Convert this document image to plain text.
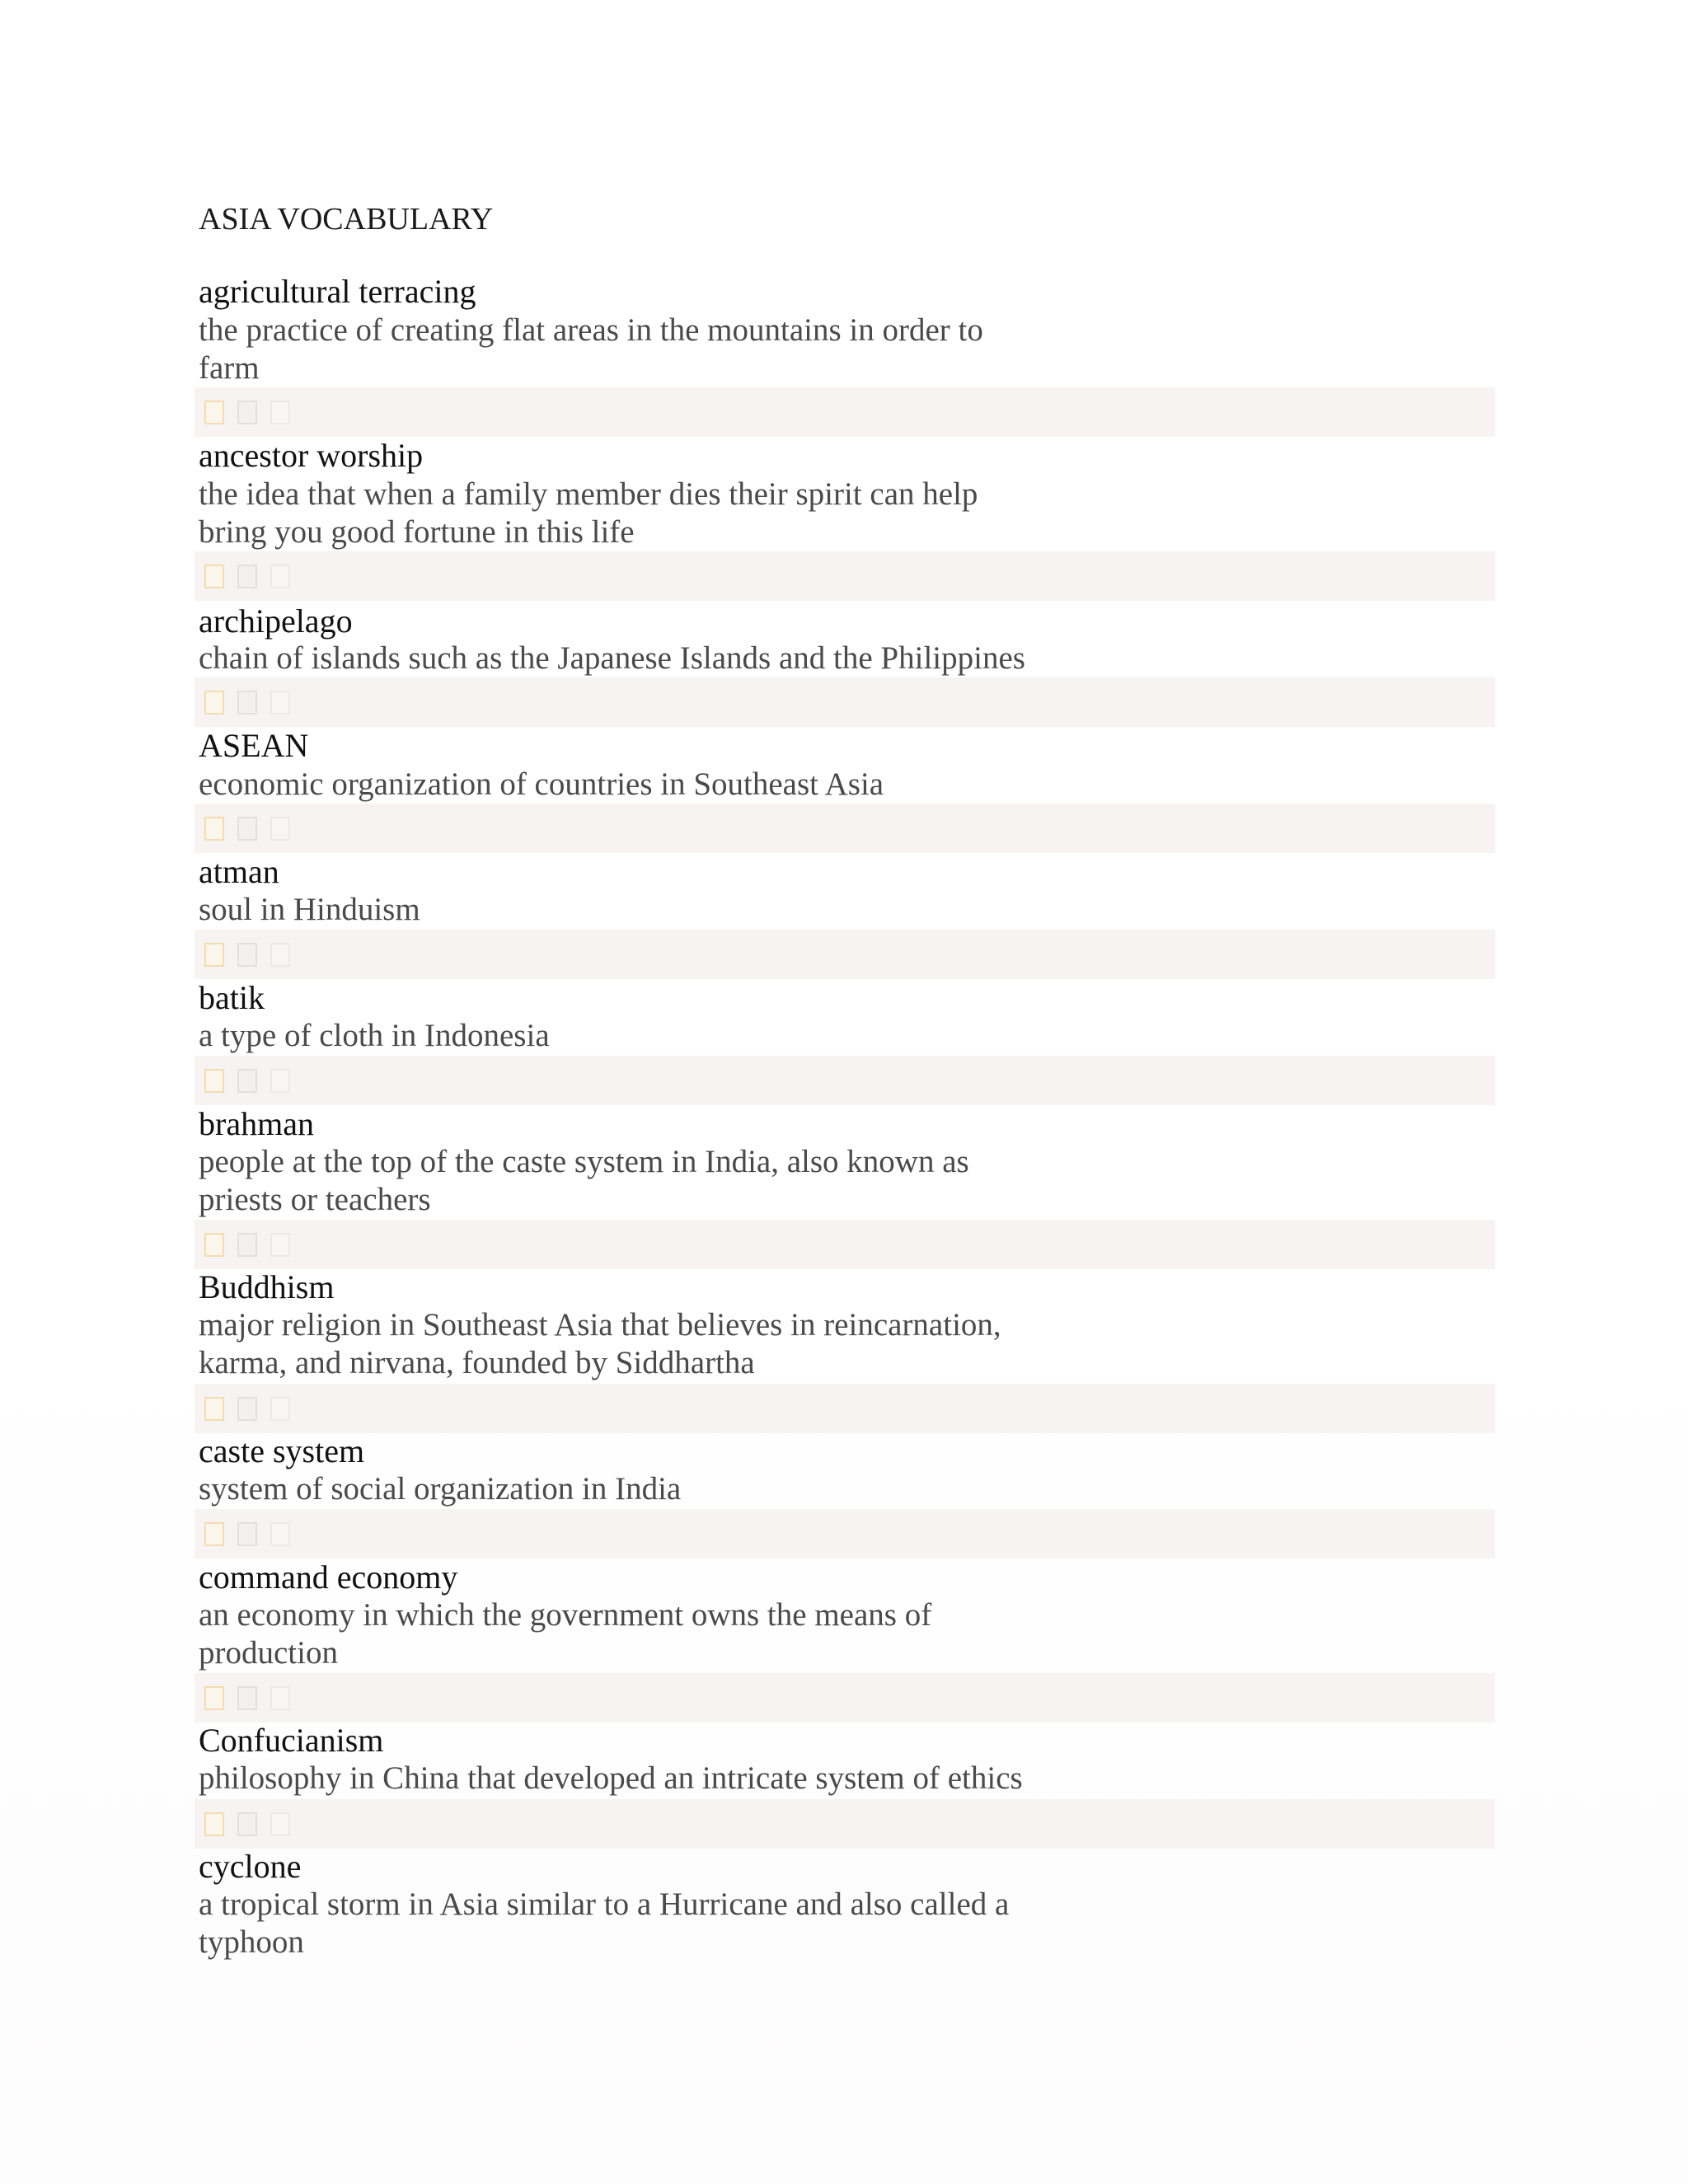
ASIA VOCABULARY
agricultural terracing
the practice of creating flat areas in the mountains in order to
farm
ancestor worship
the idea that when a family member dies their spirit can help
bring you good fortune in this life
archipelago
chain of islands such as the Japanese Islands and the Philippines
ASEAN
economic organization of countries in Southeast Asia
atman
soul in Hinduism
batik
a type of cloth in Indonesia
brahman
people at the top of the caste system in India, also known as
priests or teachers
Buddhism
major religion in Southeast Asia that believes in reincarnation,
karma, and nirvana, founded by Siddhartha
caste system
system of social organization in India
command economy
an economy in which the government owns the means of
production
Confucianism
philosophy in China that developed an intricate system of ethics
cyclone
a tropical storm in Asia similar to a Hurricane and also called a
typhoon
